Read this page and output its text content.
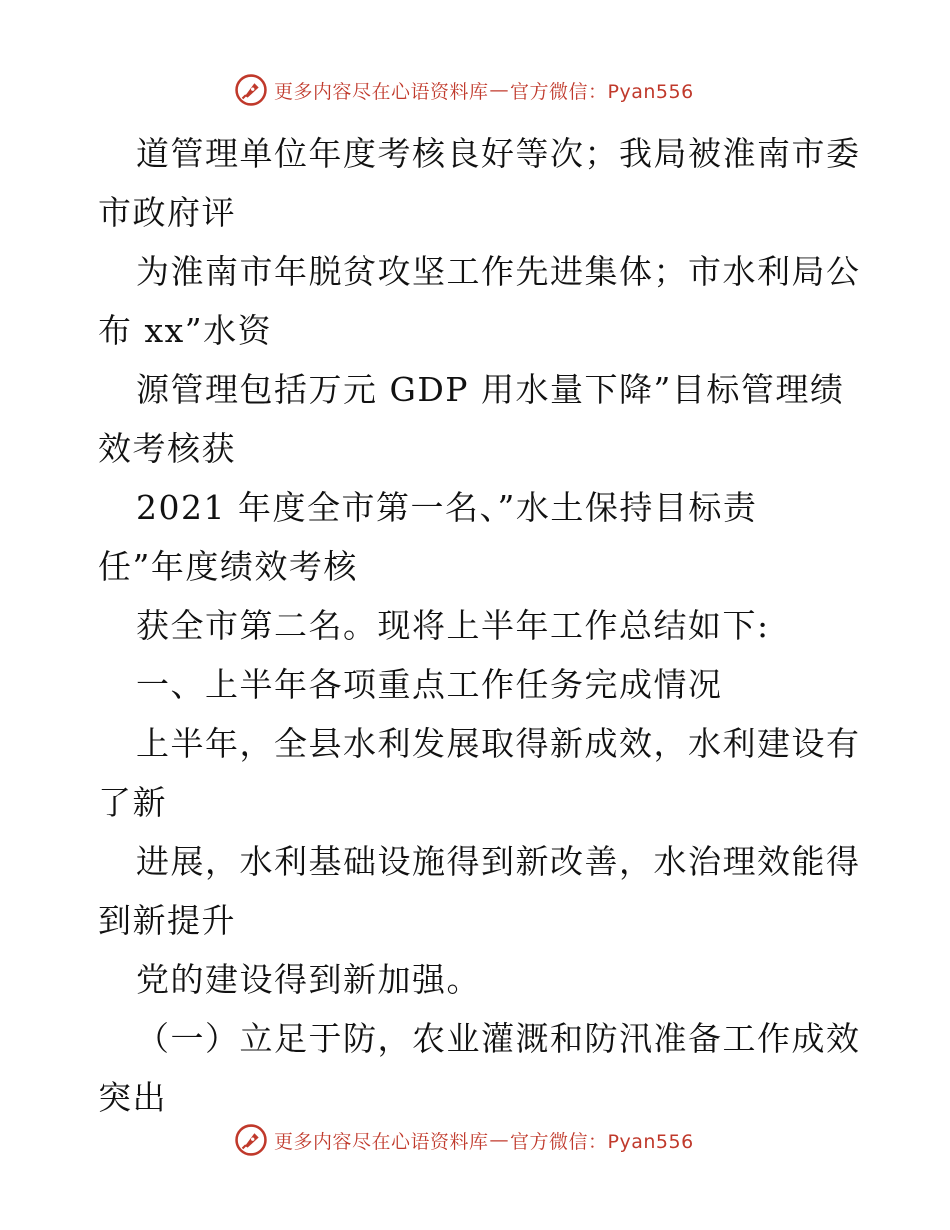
更多内容尽在心语资料库 — 官方微信：Pyan556
道管理单位年度考核良好等次；我局被淮南市委
市政府评
为淮南市年脱贫攻坚工作先进集体；市水利局公
布 xx”水资
源管理包括万元 GDP 用水量下降”目标管理绩
效考核获
2021 年度全市第一名、”水土保持目标责
任”年度绩效考核
获全市第二名。现将上半年工作总结如下:
一、上半年各项重点工作任务完成情况
上半年，全县水利发展取得新成效，水利建设有
了新
进展，水利基础设施得到新改善，水治理效能得
到新提升
党的建设得到新加强。
（一）立足于防，农业灌溉和防汛准备工作成效
突出
更多内容尽在心语资料库 — 官方微信：Pyan556
